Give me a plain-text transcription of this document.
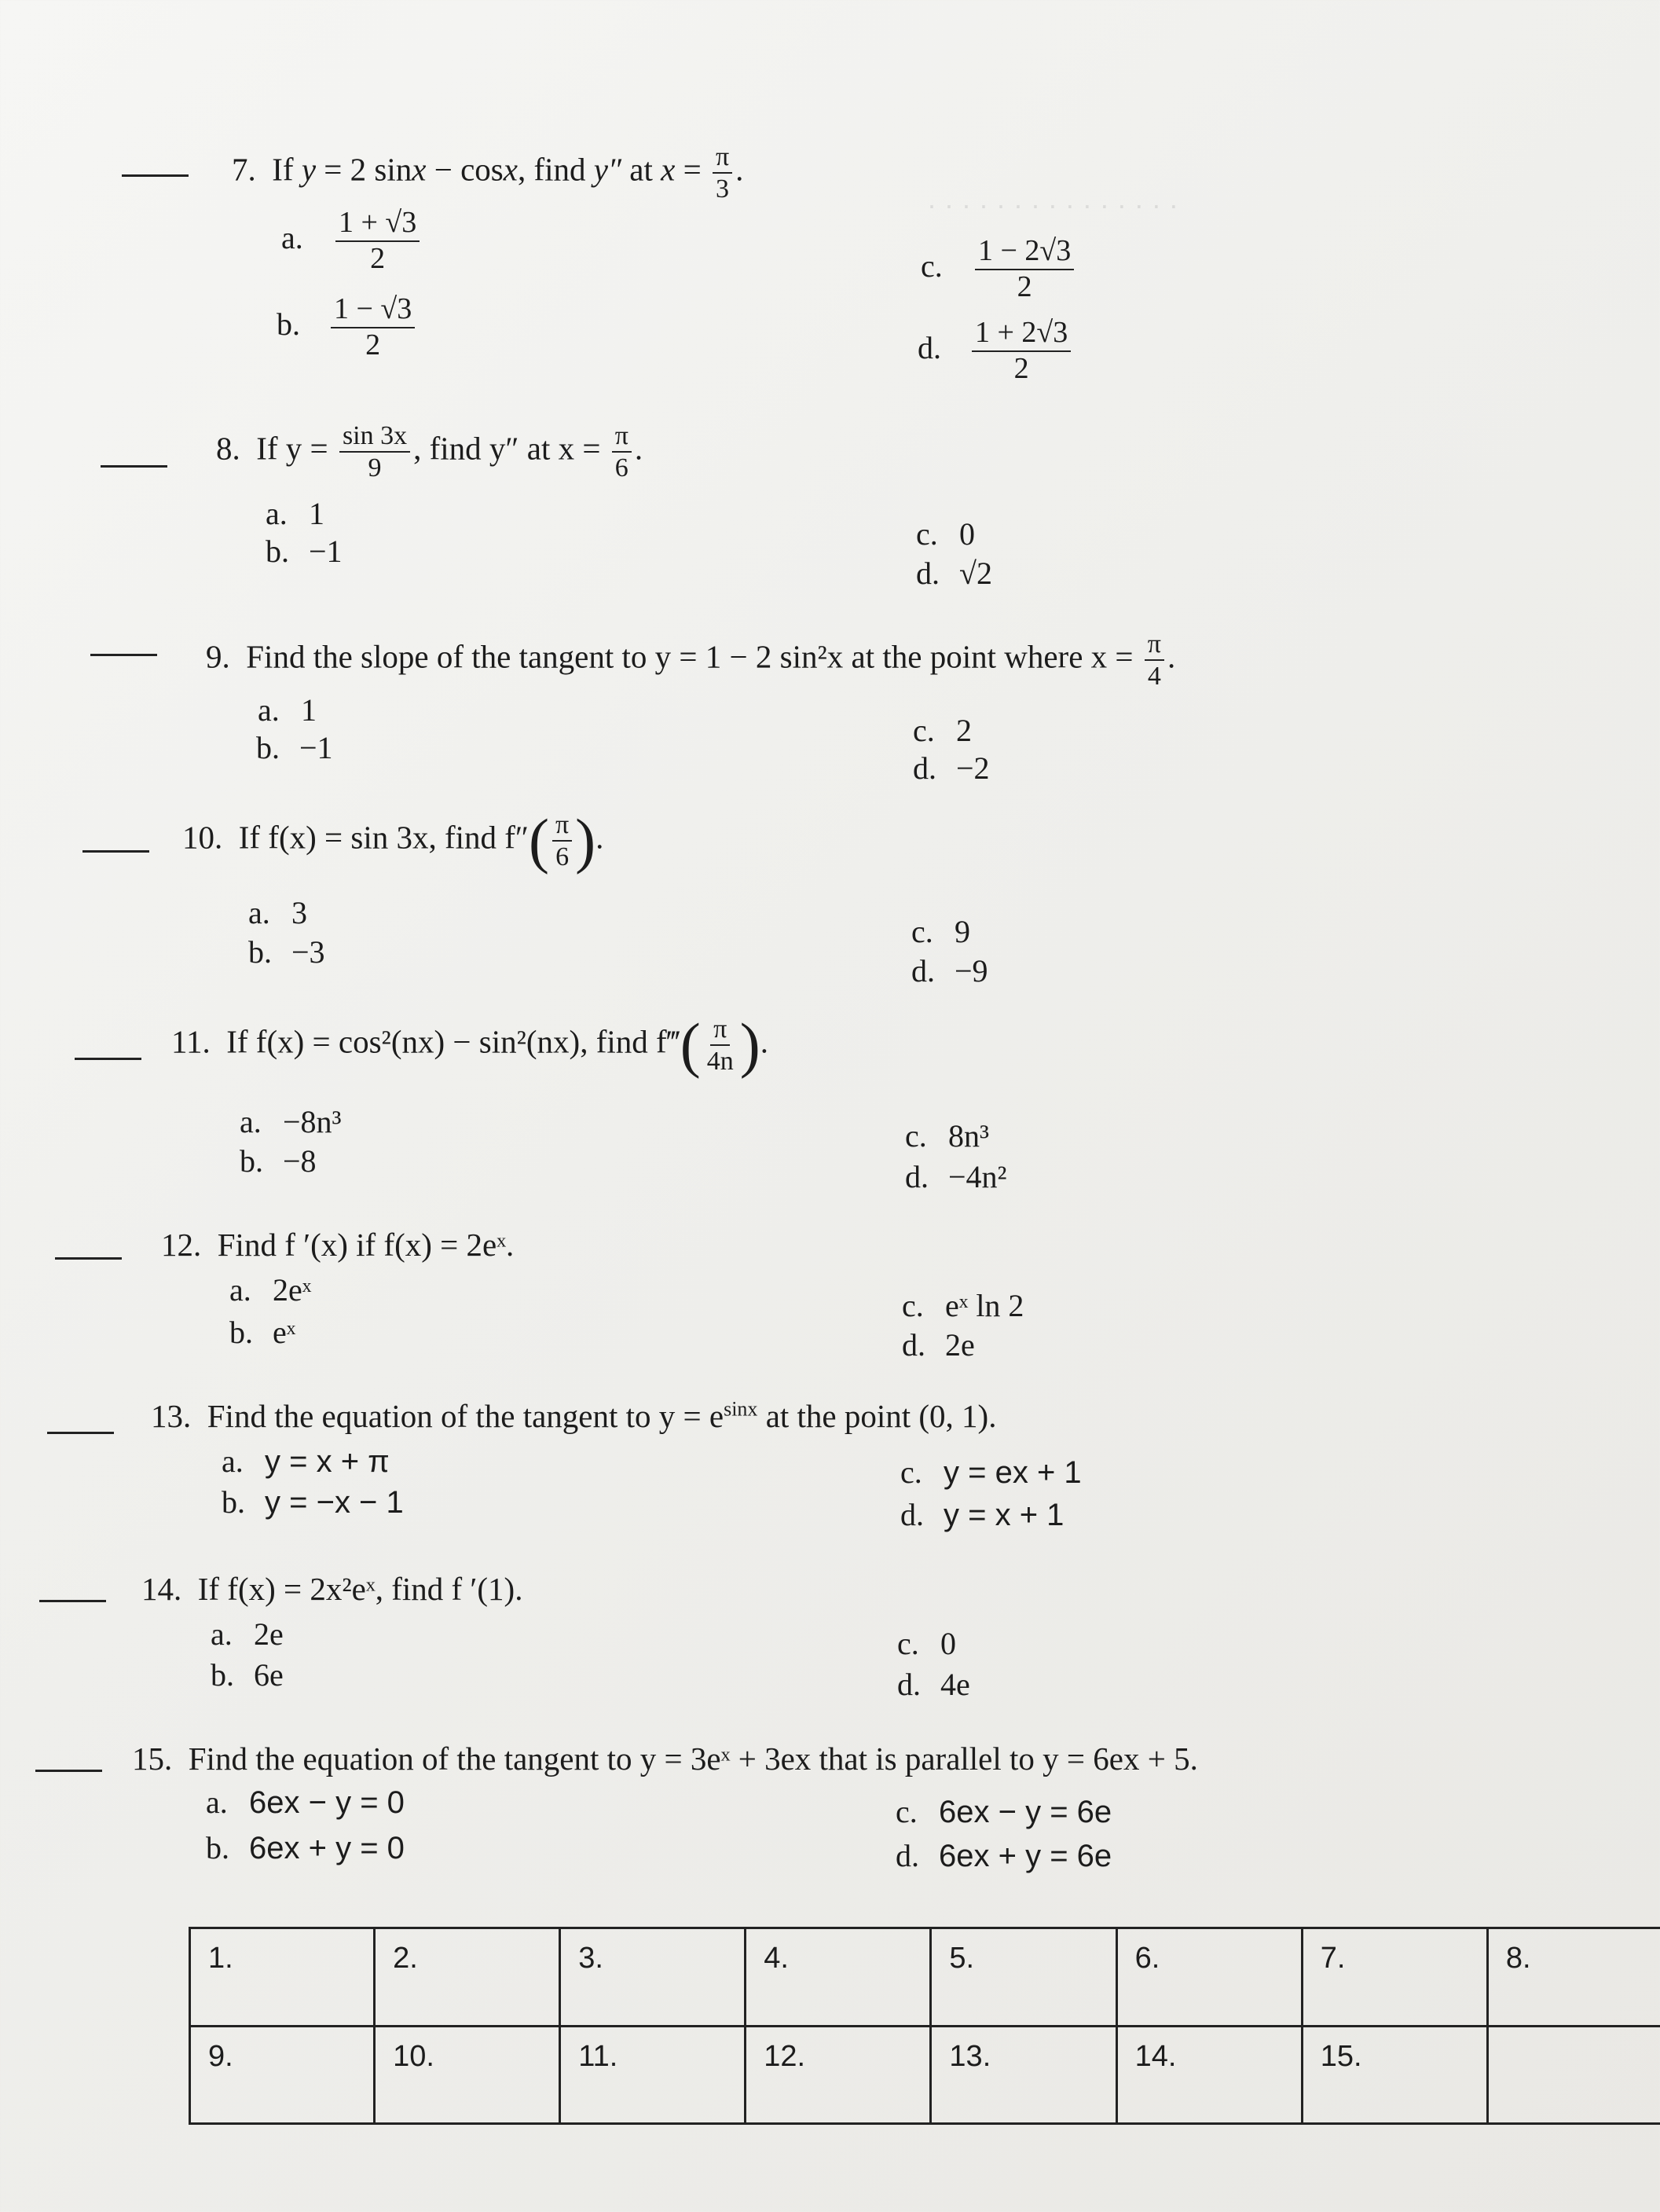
· · · · · · · · · · · · · · ·
7. If y = 2 sinx − cosx, find y″ at $x = \frac{\pi}{3}$ .
a. $\frac{1 + √3}{2}$
b. $\frac{1 - √3}{2}$
c. $\frac{1 - 2√3}{2}$
d. $\frac{1 + 2√3}{2}$
8. If $y = \frac{\sin 3x}{9}$ , find y″ at $x = \frac{\pi}{6}$ .
a. 1
b. −1	c. 0
d. √2
9. Find the slope of the tangent to y = 1 − 2 sin²x at the point where $x = \frac{\pi}{4}$ .
a. 1
b. −1	c. 2
d. −2
10. If f(x) = sin 3x, find $f''( \frac{\pi}{6}$ ).
a. 3
b. −3
c. 9
d. −9
11. If f(x) = cos²(nx) − sin²(nx), find f‴( $\frac{\pi}{4n}$ ).
a. −8n³
b. −8
c. 8n³
d. −4n²
12. Find f ′(x) if f(x) = 2eˣ.
a. 2eˣ
b. eˣ
c. eˣ ln 2
d. 2e
13. Find the equation of the tangent to $y = e^{sinx}$ at the point (0, 1).
a. y = x + π
b. y = −x − 1
c. y = ex + 1
d. y = x + 1
14. If f(x) = 2x²eˣ, find f ′(1).
a. 2e
b. 6e
c. 0
d. 4e
15. Find the equation of the tangent to y = 3eˣ + 3ex that is parallel to y = 6ex + 5.
a. 6ex − y = 0
b. 6ex + y = 0
c. 6ex − y = 6e
d. 6ex + y = 6e
1.	2.	3.	4.	5.	6.	7.	8.
9.	10.	11.	12.	13.	14.	15.	
